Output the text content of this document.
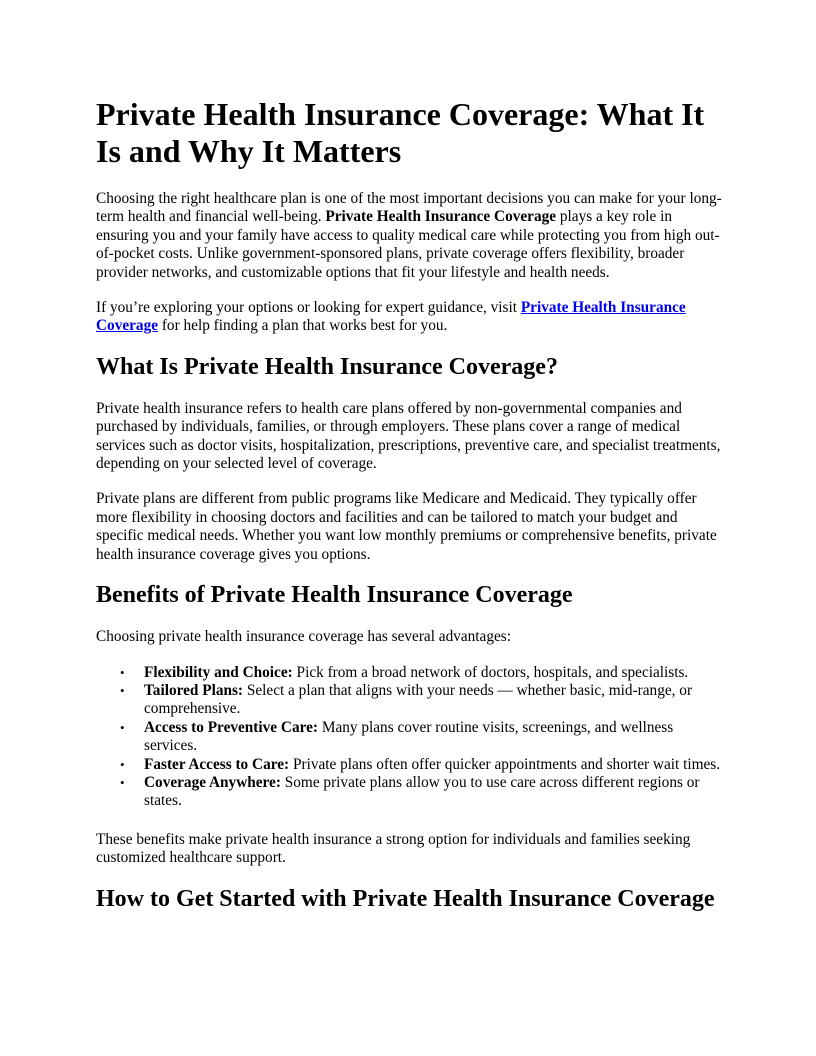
Private Health Insurance Coverage: What It Is and Why It Matters

Choosing the right healthcare plan is one of the most important decisions you can make for your long-term health and financial well-being. Private Health Insurance Coverage plays a key role in ensuring you and your family have access to quality medical care while protecting you from high out-of-pocket costs. Unlike government-sponsored plans, private coverage offers flexibility, broader provider networks, and customizable options that fit your lifestyle and health needs.

If you’re exploring your options or looking for expert guidance, visit Private Health Insurance Coverage for help finding a plan that works best for you.

What Is Private Health Insurance Coverage?

Private health insurance refers to health care plans offered by non-governmental companies and purchased by individuals, families, or through employers. These plans cover a range of medical services such as doctor visits, hospitalization, prescriptions, preventive care, and specialist treatments, depending on your selected level of coverage.

Private plans are different from public programs like Medicare and Medicaid. They typically offer more flexibility in choosing doctors and facilities and can be tailored to match your budget and specific medical needs. Whether you want low monthly premiums or comprehensive benefits, private health insurance coverage gives you options.

Benefits of Private Health Insurance Coverage

Choosing private health insurance coverage has several advantages:

• Flexibility and Choice: Pick from a broad network of doctors, hospitals, and specialists.
• Tailored Plans: Select a plan that aligns with your needs — whether basic, mid-range, or comprehensive.
• Access to Preventive Care: Many plans cover routine visits, screenings, and wellness services.
• Faster Access to Care: Private plans often offer quicker appointments and shorter wait times.
• Coverage Anywhere: Some private plans allow you to use care across different regions or states.

These benefits make private health insurance a strong option for individuals and families seeking customized healthcare support.

How to Get Started with Private Health Insurance Coverage
